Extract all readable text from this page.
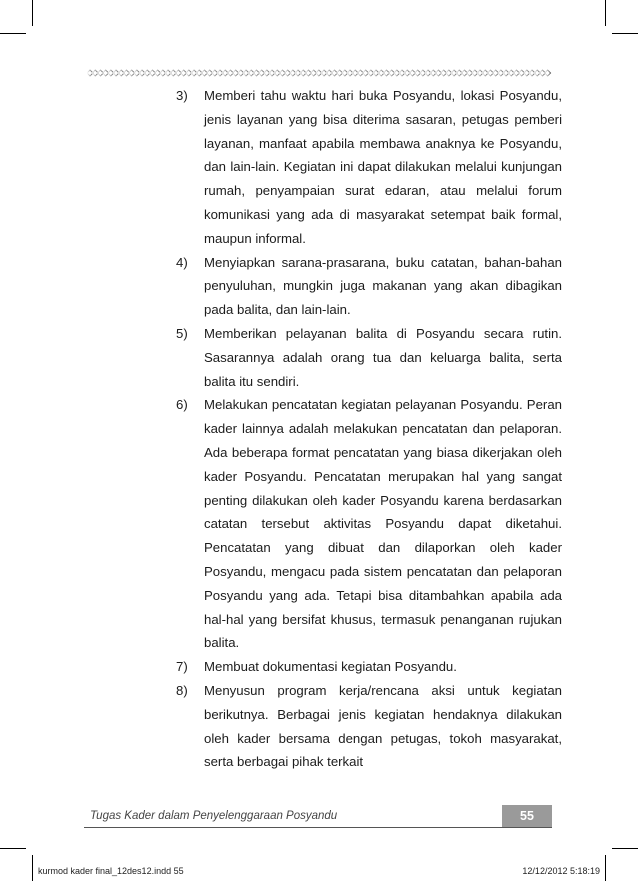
3)	Memberi tahu waktu hari buka Posyandu, lokasi Posyandu, jenis layanan yang bisa diterima sasaran, petugas pemberi layanan, manfaat apabila membawa anaknya ke Posyandu, dan lain-lain. Kegiatan ini dapat dilakukan melalui kunjungan rumah, penyampaian surat edaran, atau melalui forum komunikasi yang ada di masyarakat setempat baik formal, maupun informal.
4)	Menyiapkan sarana-prasarana, buku catatan, bahan-bahan penyuluhan, mungkin juga makanan yang akan dibagikan pada balita, dan lain-lain.
5)	Memberikan pelayanan balita di Posyandu secara rutin. Sasarannya adalah orang tua dan keluarga balita, serta balita itu sendiri.
6)	Melakukan pencatatan kegiatan pelayanan Posyandu. Peran kader lainnya adalah melakukan pencatatan dan pelaporan. Ada beberapa format pencatatan yang biasa dikerjakan oleh kader Posyandu. Pencatatan merupakan hal yang sangat penting dilakukan oleh kader Posyandu karena berdasarkan catatan tersebut aktivitas Posyandu dapat diketahui. Pencatatan yang dibuat dan dilaporkan oleh kader Posyandu, mengacu pada sistem pencatatan dan pelaporan Posyandu yang ada. Tetapi bisa ditambahkan apabila ada hal-hal yang bersifat khusus, termasuk penanganan rujukan balita.
7)	Membuat dokumentasi kegiatan Posyandu.
8)	Menyusun program kerja/rencana aksi untuk kegiatan berikutnya. Berbagai jenis kegiatan hendaknya dilakukan oleh kader bersama dengan petugas, tokoh masyarakat, serta berbagai pihak terkait
Tugas Kader dalam Penyelenggaraan Posyandu	55
kurmod kader final_12des12.indd 55	12/12/2012 5:18:19
